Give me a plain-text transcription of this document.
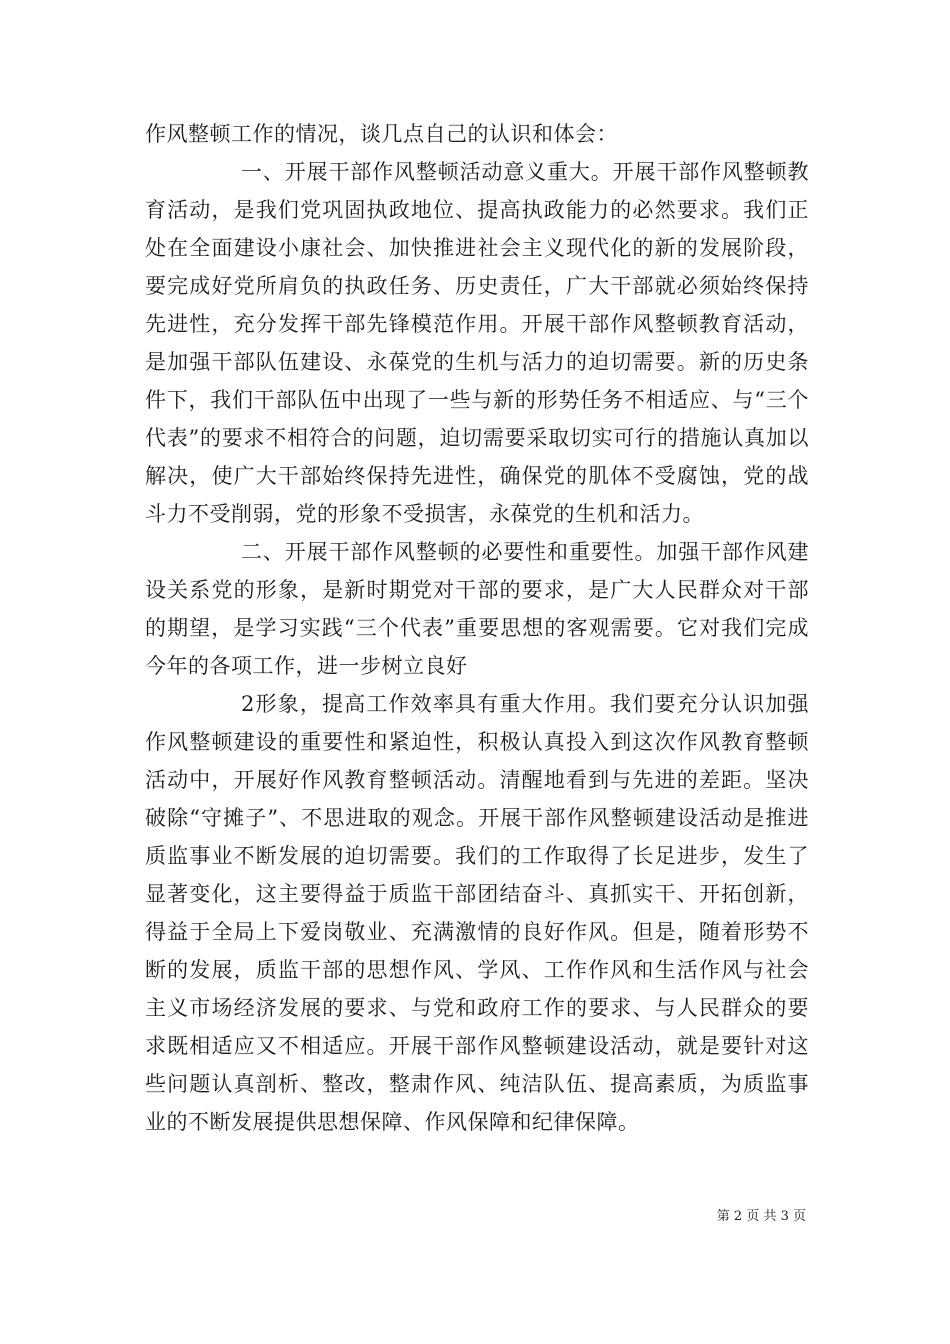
作风整顿工作的情况，谈几点自己的认识和体会：

一、开展干部作风整顿活动意义重大。开展干部作风整顿教育活动，是我们党巩固执政地位、提高执政能力的必然要求。我们正处在全面建设小康社会、加快推进社会主义现代化的新的发展阶段，要完成好党所肩负的执政任务、历史责任，广大干部就必须始终保持先进性，充分发挥干部先锋模范作用。开展干部作风整顿教育活动，是加强干部队伍建设、永葆党的生机与活力的迫切需要。新的历史条件下，我们干部队伍中出现了一些与新的形势任务不相适应、与“三个代表”的要求不相符合的问题，迫切需要采取切实可行的措施认真加以解决，使广大干部始终保持先进性，确保党的肌体不受腐蚀，党的战斗力不受削弱，党的形象不受损害，永葆党的生机和活力。

二、开展干部作风整顿的必要性和重要性。加强干部作风建设关系党的形象，是新时期党对干部的要求，是广大人民群众对干部的期望，是学习实践“三个代表”重要思想的客观需要。它对我们完成今年的各项工作，进一步树立良好

2形象，提高工作效率具有重大作用。我们要充分认识加强作风整顿建设的重要性和紧迫性，积极认真投入到这次作风教育整顿活动中，开展好作风教育整顿活动。清醒地看到与先进的差距。坚决破除“守摊子”、不思进取的观念。开展干部作风整顿建设活动是推进质监事业不断发展的迫切需要。我们的工作取得了长足进步，发生了显著变化，这主要得益于质监干部团结奋斗、真抓实干、开拓创新，得益于全局上下爱岗敬业、充满激情的良好作风。但是，随着形势不断的发展，质监干部的思想作风、学风、工作作风和生活作风与社会主义市场经济发展的要求、与党和政府工作的要求、与人民群众的要求既相适应又不相适应。开展干部作风整顿建设活动，就是要针对这些问题认真剖析、整改，整肃作风、纯洁队伍、提高素质，为质监事业的不断发展提供思想保障、作风保障和纪律保障。

第 2 页 共 3 页
